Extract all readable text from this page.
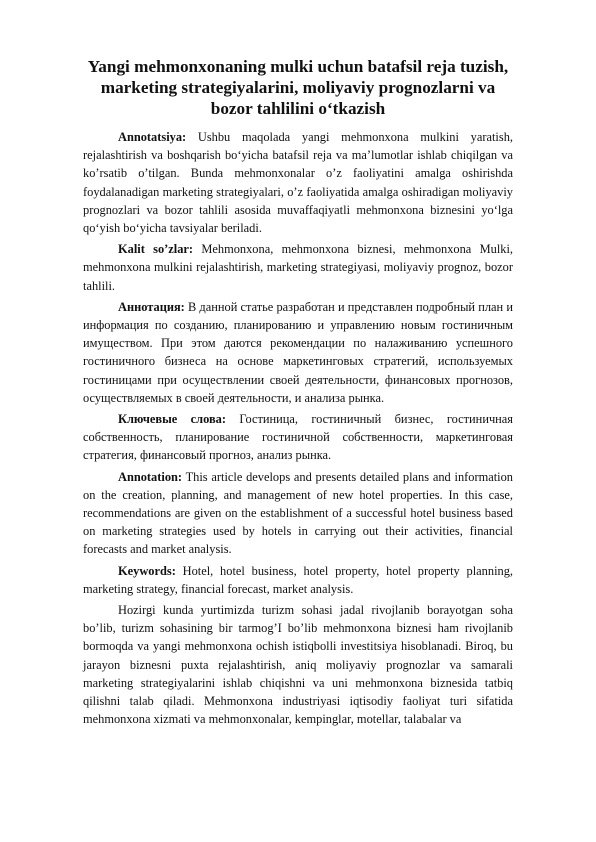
Yangi mehmonxonaning mulki uchun batafsil reja tuzish, marketing strategiyalarini, moliyaviy prognozlarni va bozor tahlilini o‘tkazish

Annotatsiya: Ushbu maqolada yangi mehmonxona mulkini yaratish, rejalashtirish va boshqarish bo‘yicha batafsil reja va ma’lumotlar ishlab chiqilgan va ko’rsatib o’tilgan. Bunda mehmonxonalar o’z faoliyatini amalga oshirishda foydalanadigan marketing strategiyalari, o’z faoliyatida amalga oshiradigan moliyaviy prognozlari va bozor tahlili asosida muvaffaqiyatli mehmonxona biznesini yo‘lga qo‘yish bo‘yicha tavsiyalar beriladi.

Kalit so’zlar: Mehmonxona, mehmonxona biznesi, mehmonxona Mulki, mehmonxona mulkini rejalashtirish, marketing strategiyasi, moliyaviy prognoz, bozor tahlili.

Аннотация: В данной статье разработан и представлен подробный план и информация по созданию, планированию и управлению новым гостиничным имуществом. При этом даются рекомендации по налаживанию успешного гостиничного бизнеса на основе маркетинговых стратегий, используемых гостиницами при осуществлении своей деятельности, финансовых прогнозов, осуществляемых в своей деятельности, и анализа рынка.

Ключевые слова: Гостиница, гостиничный бизнес, гостиничная собственность, планирование гостиничной собственности, маркетинговая стратегия, финансовый прогноз, анализ рынка.

Annotation: This article develops and presents detailed plans and information on the creation, planning, and management of new hotel properties. In this case, recommendations are given on the establishment of a successful hotel business based on marketing strategies used by hotels in carrying out their activities, financial forecasts and market analysis.

Keywords: Hotel, hotel business, hotel property, hotel property planning, marketing strategy, financial forecast, market analysis.

Hozirgi kunda yurtimizda turizm sohasi jadal rivojlanib borayotgan soha bo’lib, turizm sohasining bir tarmog’I bo’lib mehmonxona biznesi ham rivojlanib bormoqda va yangi mehmonxona ochish istiqbolli investitsiya hisoblanadi. Biroq, bu jarayon biznesni puxta rejalashtirish, aniq moliyaviy prognozlar va samarali marketing strategiyalarini ishlab chiqishni va uni mehmonxona biznesida tatbiq qilishni talab qiladi. Mehmonxona industriyasi iqtisodiy faoliyat turi sifatida mehmonxona xizmati va mehmonxonalar, kempinglar, motellar, talabalar va
